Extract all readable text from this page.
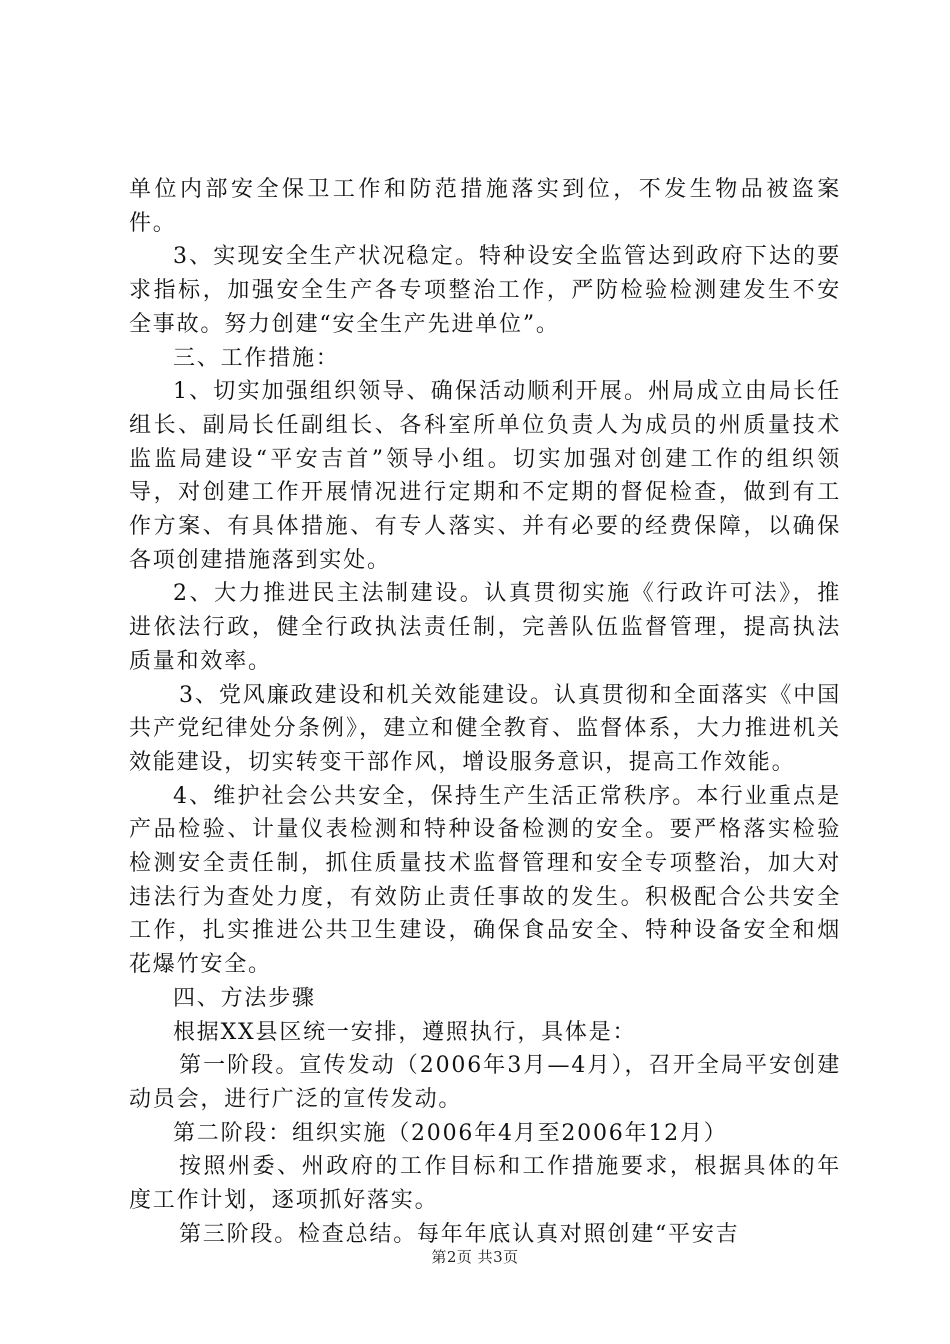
单位内部安全保卫工作和防范措施落实到位，不发生物品被盗案件。

3、实现安全生产状况稳定。特种设安全监管达到政府下达的要求指标，加强安全生产各专项整治工作，严防检验检测建发生不安全事故。努力创建“安全生产先进单位”。

三、工作措施：

1、切实加强组织领导、确保活动顺利开展。州局成立由局长任组长、副局长任副组长、各科室所单位负责人为成员的州质量技术监监局建设“平安吉首”领导小组。切实加强对创建工作的组织领导，对创建工作开展情况进行定期和不定期的督促检查，做到有工作方案、有具体措施、有专人落实、并有必要的经费保障，以确保各项创建措施落到实处。

2、大力推进民主法制建设。认真贯彻实施《行政许可法》，推进依法行政，健全行政执法责任制，完善队伍监督管理，提高执法质量和效率。

3、党风廉政建设和机关效能建设。认真贯彻和全面落实《中国共产党纪律处分条例》，建立和健全教育、监督体系，大力推进机关效能建设，切实转变干部作风，增设服务意识，提高工作效能。

4、维护社会公共安全，保持生产生活正常秩序。本行业重点是产品检验、计量仪表检测和特种设备检测的安全。要严格落实检验检测安全责任制，抓住质量技术监督管理和安全专项整治，加大对违法行为查处力度，有效防止责任事故的发生。积极配合公共安全工作，扎实推进公共卫生建设，确保食品安全、特种设备安全和烟花爆竹安全。

四、方法步骤

根据XX县区统一安排，遵照执行，具体是：

第一阶段。宣传发动（2006年3月—4月），召开全局平安创建动员会，进行广泛的宣传发动。

第二阶段：组织实施（2006年4月至2006年12月）

按照州委、州政府的工作目标和工作措施要求，根据具体的年度工作计划，逐项抓好落实。

第三阶段。检查总结。每年年底认真对照创建“平安吉

第2页 共3页
